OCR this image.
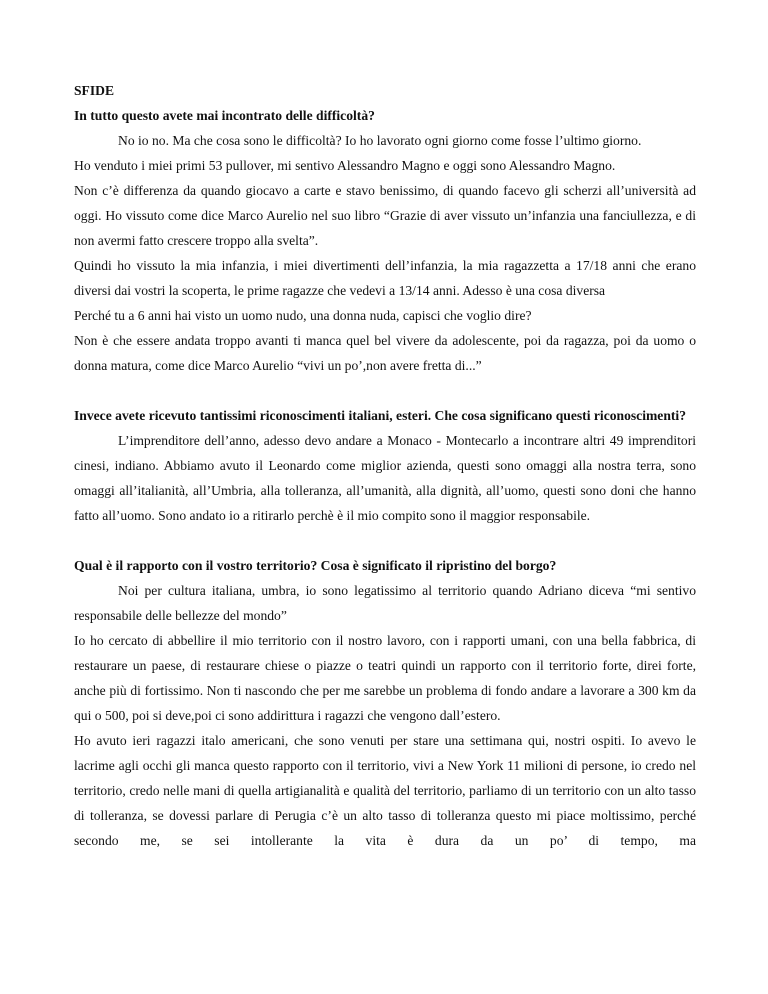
SFIDE

In tutto questo avete mai incontrato delle difficoltà?

No io no. Ma che cosa sono le difficoltà? Io ho lavorato ogni giorno come fosse l’ultimo giorno.

Ho venduto i miei primi 53 pullover, mi sentivo Alessandro Magno e oggi sono Alessandro Magno.

Non c’è differenza da quando giocavo a carte e stavo benissimo, di quando facevo gli scherzi all’università ad oggi. Ho vissuto come dice Marco Aurelio nel suo libro “Grazie di aver vissuto un’infanzia una fanciullezza, e di non avermi fatto crescere troppo alla svelta”.

Quindi ho vissuto la mia infanzia, i miei divertimenti dell’infanzia, la mia ragazzetta a 17/18 anni che erano diversi dai vostri la scoperta, le prime ragazze che vedevi a 13/14 anni. Adesso è una cosa diversa

Perché tu a 6 anni hai visto un uomo nudo, una donna nuda, capisci che voglio dire?

Non è che essere andata troppo avanti ti manca quel bel vivere da adolescente, poi da ragazza, poi da uomo o donna matura, come dice Marco Aurelio “vivi un po’,non avere fretta di...”

Invece avete ricevuto tantissimi riconoscimenti italiani, esteri. Che cosa significano questi riconoscimenti?

L’imprenditore dell’anno, adesso devo andare a Monaco - Montecarlo a incontrare altri 49 imprenditori cinesi, indiano. Abbiamo avuto il Leonardo come miglior azienda, questi sono omaggi alla nostra terra, sono omaggi all’italianità, all’Umbria, alla tolleranza, all’umanità, alla dignità, all’uomo, questi sono doni che hanno fatto all’uomo. Sono andato io a ritirarlo perchè è il mio compito sono il maggior responsabile.

Qual è il rapporto con il vostro territorio? Cosa è significato il ripristino del borgo?

Noi per cultura italiana, umbra, io sono legatissimo al territorio quando Adriano diceva “mi sentivo responsabile delle bellezze del mondo”

Io ho cercato di abbellire il mio territorio con il nostro lavoro, con i rapporti umani, con una bella fabbrica, di restaurare un paese, di restaurare chiese o piazze o teatri quindi un rapporto con il territorio forte, direi forte, anche più di fortissimo. Non ti nascondo che per me sarebbe un problema di fondo andare a lavorare a 300 km da qui o 500, poi si deve,poi ci sono addirittura i ragazzi che vengono dall’estero.

Ho avuto ieri ragazzi italo americani, che sono venuti per stare una settimana qui, nostri ospiti. Io avevo le lacrime agli occhi gli manca questo rapporto con il territorio, vivi a New York 11 milioni di persone, io credo nel territorio, credo nelle mani di quella artigianalità e qualità del territorio, parliamo di un territorio con un alto tasso di tolleranza, se dovessi parlare di Perugia c’è un alto tasso di tolleranza questo mi piace moltissimo, perché secondo me, se sei intollerante la vita è dura da un po’ di tempo, ma
